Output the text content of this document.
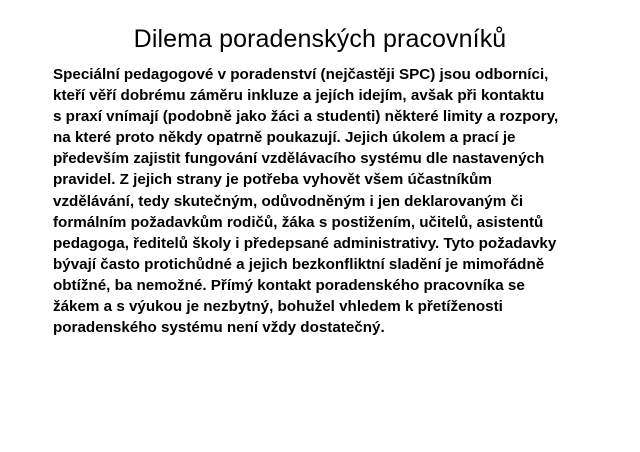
Dilema poradenských pracovníků
Speciální pedagogové v poradenství (nejčastěji SPC) jsou odborníci,
kteří věří dobrému záměru inkluze a jejích idejím, avšak při kontaktu
s praxí vnímají (podobně jako žáci a studenti) některé limity a rozpory,
na které proto někdy opatrně poukazují. Jejich úkolem a prací je
především zajistit fungování vzdělávacího systému dle nastavených
pravidel. Z jejich strany je potřeba vyhovět všem účastníkům
vzdělávání, tedy skutečným, odůvodněným i jen deklarovaným či
formálním požadavkům rodičů, žáka s postižením, učitelů, asistentů
pedagoga, ředitelů školy i předepsané administrativy. Tyto požadavky
bývají často protichůdné a jejich bezkonfliktní sladění je mimořádně
obtížné, ba nemožné. Přímý kontakt poradenského pracovníka se
žákem a s výukou je nezbytný, bohužel vhledem k přetíženosti
poradenského systému není vždy dostatečný.
